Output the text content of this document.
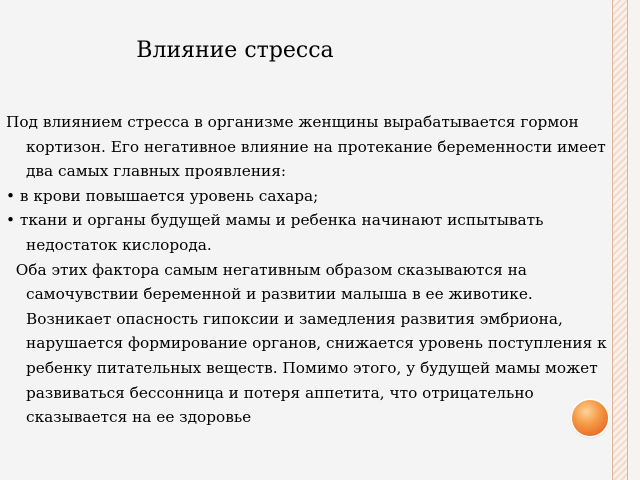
Влияние стресса

Под влиянием стресса в организме женщины вырабатывается гормон кортизон. Его негативное влияние на протекание беременности имеет два самых главных проявления:

• в крови повышается уровень сахара;

• ткани и органы будущей мамы и ребенка начинают испытывать недостаток кислорода.

Оба этих фактора самым негативным образом сказываются на самочувствии беременной и развитии малыша в ее животике. Возникает опасность гипоксии и замедления развития эмбриона, нарушается формирование органов, снижается уровень поступления к ребенку питательных веществ. Помимо этого, у будущей мамы может развиваться бессонница и потеря аппетита, что отрицательно сказывается на ее здоровье
